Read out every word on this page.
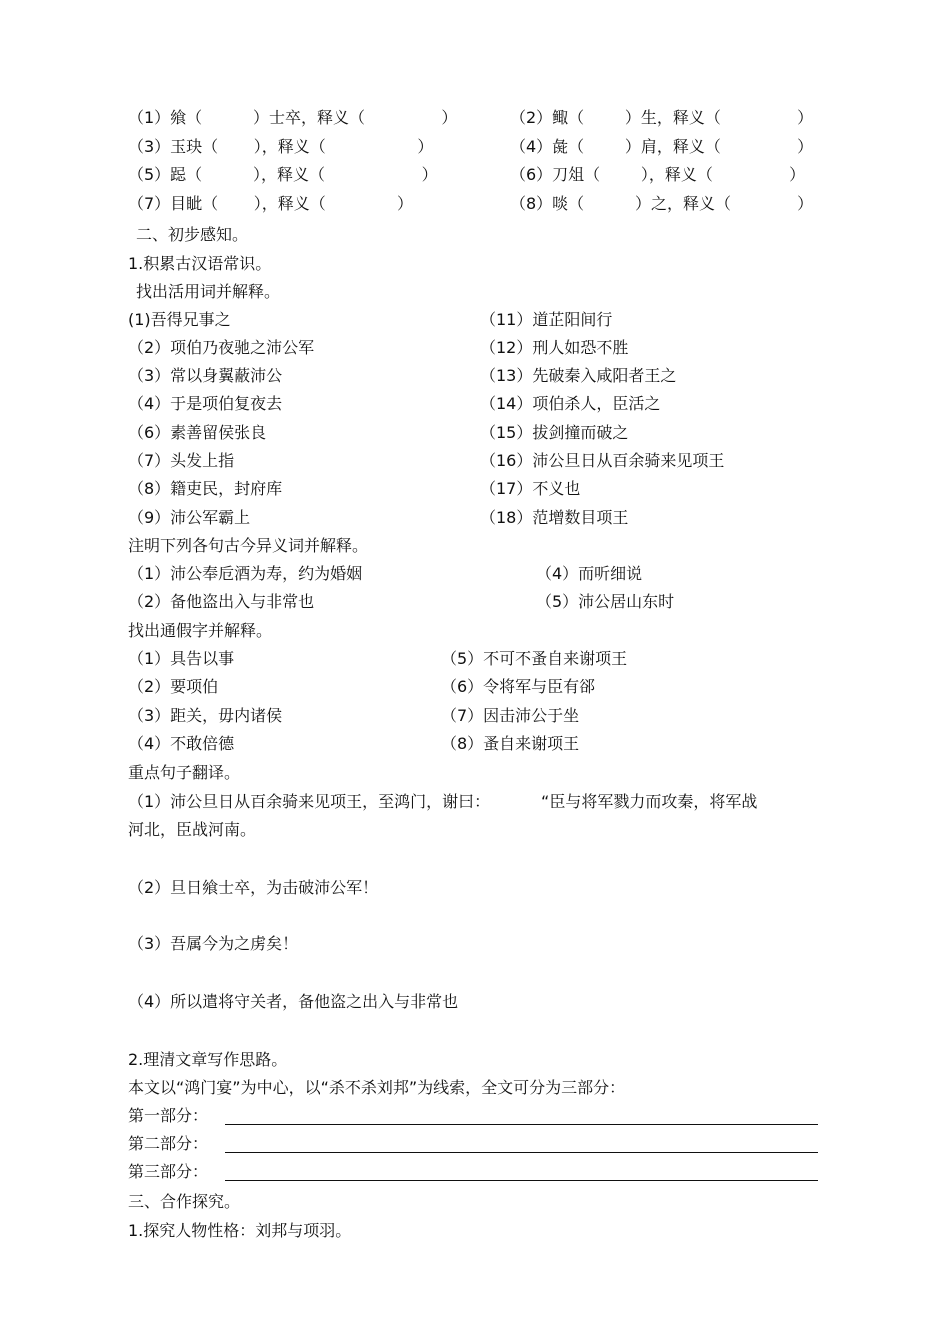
（1）飨（          ）士卒，释义（               ）	（2）鲰（        ）生，释义（               ）
（3）玉玦（       ），释义（                  ）	（4）彘（        ）肩，释义（               ）
（5）跽（          ），释义（                   ）	（6）刀俎（        ），释义（               ）
（7）目眦（       ），释义（              ）	（8）啖（          ）之，释义（             ）
二、初步感知。
1.积累古汉语常识。
找出活用词并解释。
(1)吾得兄事之	（11）道芷阳间行
（2）项伯乃夜驰之沛公军	（12）刑人如恐不胜
（3）常以身翼蔽沛公	（13）先破秦入咸阳者王之
（4）于是项伯复夜去	（14）项伯杀人，臣活之
（6）素善留侯张良	（15）拔剑撞而破之
（7）头发上指	（16）沛公旦日从百余骑来见项王
（8）籍吏民，封府库	（17）不义也
（9）沛公军霸上	（18）范增数目项王
注明下列各句古今异义词并解释。
（1）沛公奉卮酒为寿，约为婚姻	（4）而听细说
（2）备他盗出入与非常也	（5）沛公居山东时
找出通假字并解释。
（1）具告以事	（5）不可不蚤自来谢项王
（2）要项伯	（6）令将军与臣有郤
（3）距关，毋内诸侯	（7）因击沛公于坐
（4）不敢倍德	（8）蚤自来谢项王
重点句子翻译。
（1）沛公旦日从百余骑来见项王，至鸿门，谢曰：          “臣与将军戮力而攻秦，将军战
河北，臣战河南。
（2）旦日飨士卒，为击破沛公军！
（3）吾属今为之虏矣！
（4）所以遣将守关者，备他盗之出入与非常也
2.理清文章写作思路。
本文以“鸿门宴”为中心，以“杀不杀刘邦”为线索，全文可分为三部分：
第一部分：
第二部分：
第三部分：
三、合作探究。
1.探究人物性格：刘邦与项羽。
